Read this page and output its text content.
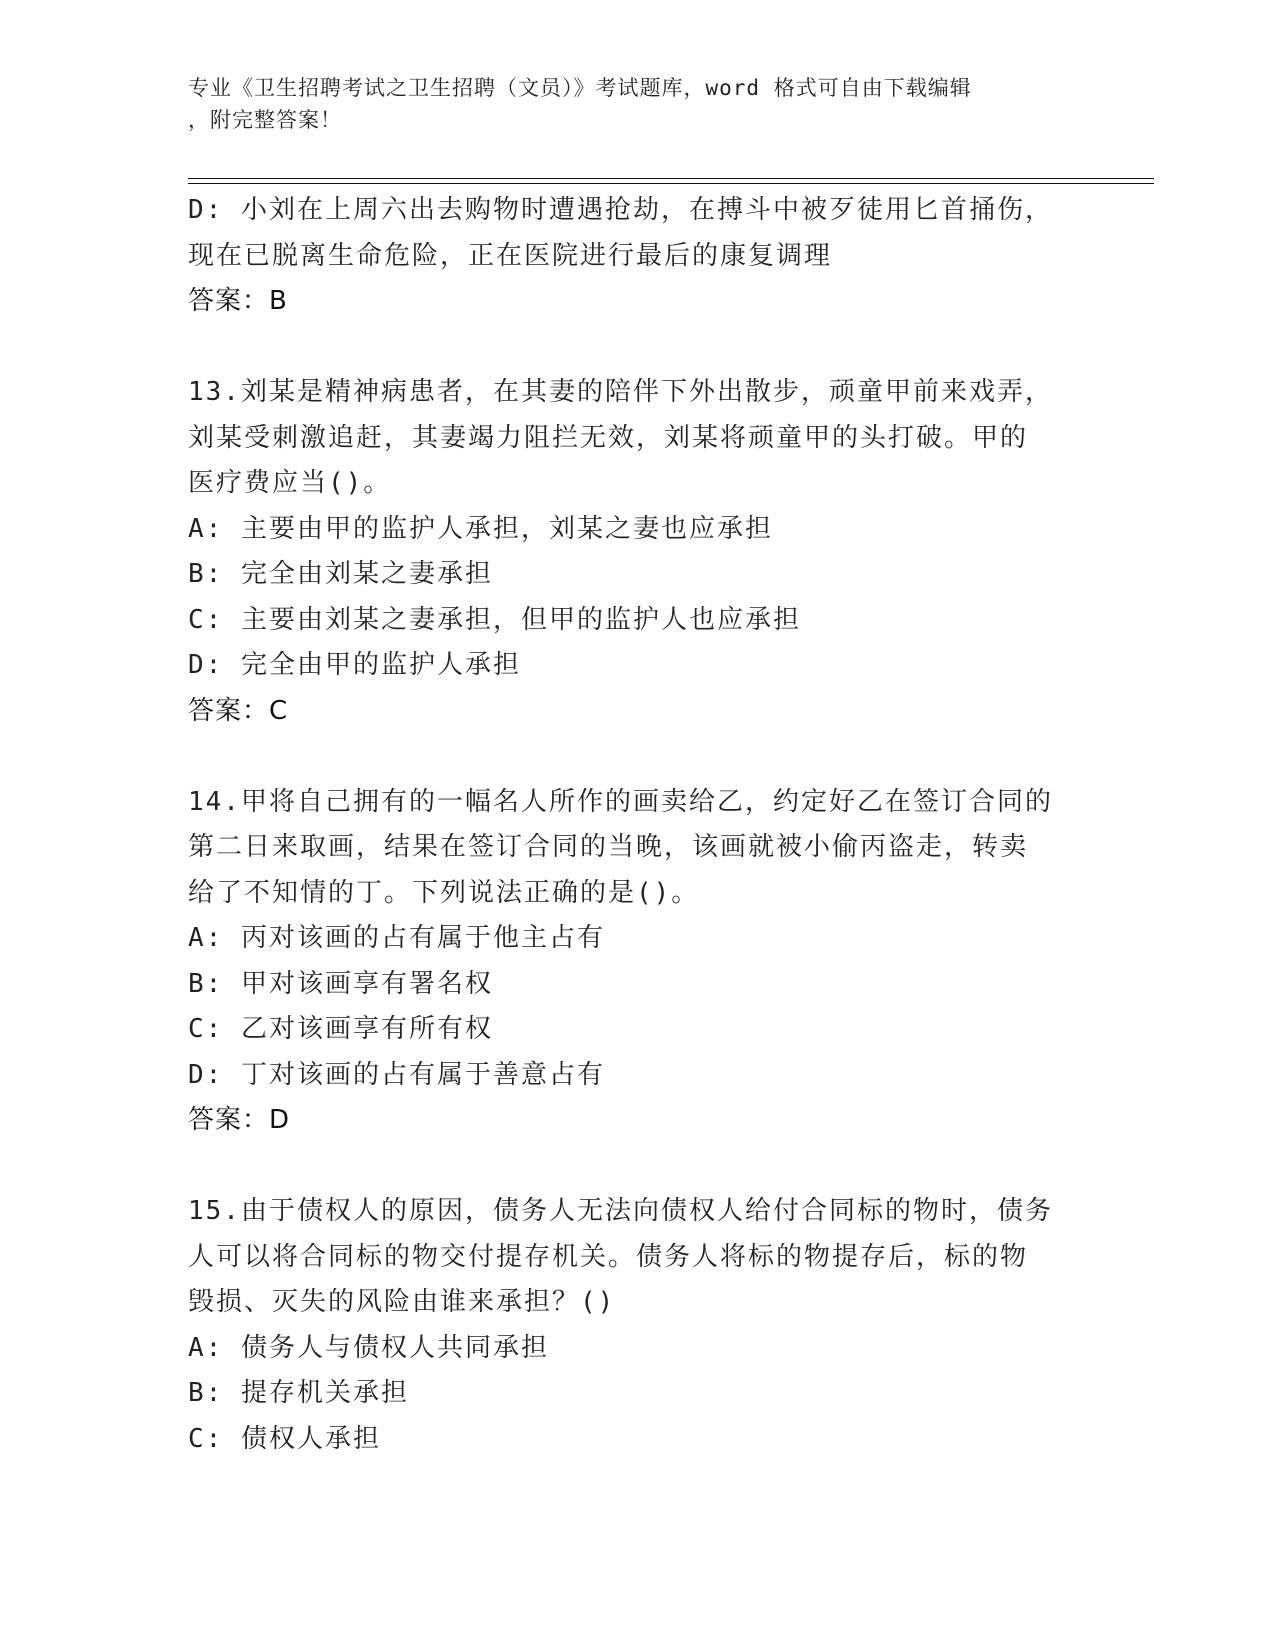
专业《卫生招聘考试之卫生招聘（文员）》考试题库，word 格式可自由下载编辑
，附完整答案！
D: 小刘在上周六出去购物时遭遇抢劫，在搏斗中被歹徒用匕首捅伤，
现在已脱离生命危险，正在医院进行最后的康复调理
答案：B
13.刘某是精神病患者，在其妻的陪伴下外出散步，顽童甲前来戏弄，
刘某受刺激追赶，其妻竭力阻拦无效，刘某将顽童甲的头打破。甲的
医疗费应当()。
A: 主要由甲的监护人承担，刘某之妻也应承担
B: 完全由刘某之妻承担
C: 主要由刘某之妻承担，但甲的监护人也应承担
D: 完全由甲的监护人承担
答案：C
14.甲将自己拥有的一幅名人所作的画卖给乙，约定好乙在签订合同的
第二日来取画，结果在签订合同的当晚，该画就被小偷丙盗走，转卖
给了不知情的丁。下列说法正确的是()。
A: 丙对该画的占有属于他主占有
B: 甲对该画享有署名权
C: 乙对该画享有所有权
D: 丁对该画的占有属于善意占有
答案：D
15.由于债权人的原因，债务人无法向债权人给付合同标的物时，债务
人可以将合同标的物交付提存机关。债务人将标的物提存后，标的物
毁损、灭失的风险由谁来承担？()
A: 债务人与债权人共同承担
B: 提存机关承担
C: 债权人承担
